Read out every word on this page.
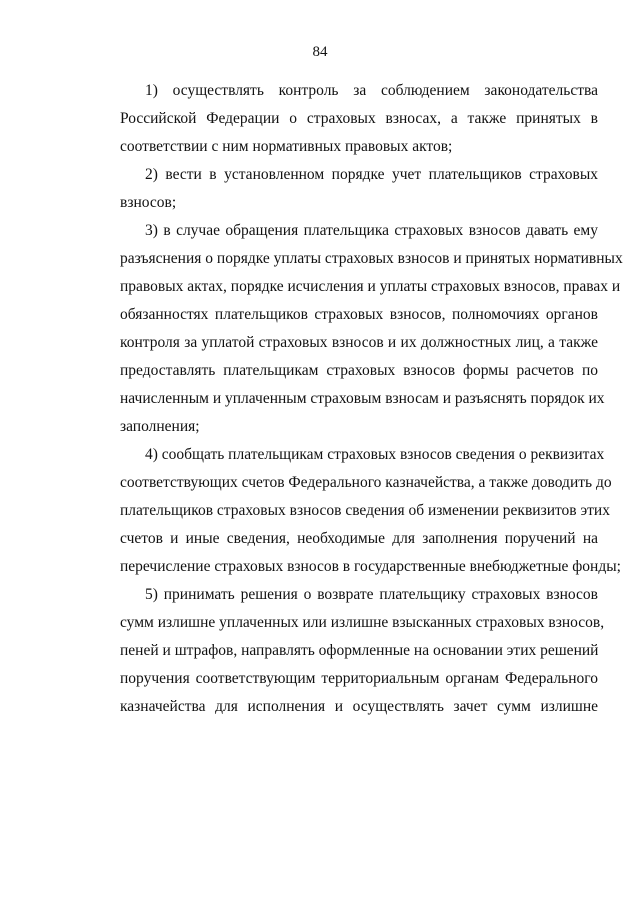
84
1) осуществлять контроль за соблюдением законодательства
Российской Федерации о страховых взносах, а также принятых в
соответствии с ним нормативных правовых актов;
2) вести в установленном порядке учет плательщиков страховых
взносов;
3) в случае обращения плательщика страховых взносов давать ему
разъяснения о порядке уплаты страховых взносов и принятых нормативных
правовых актах, порядке исчисления и уплаты страховых взносов, правах и
обязанностях плательщиков страховых взносов, полномочиях органов
контроля за уплатой страховых взносов и их должностных лиц, а также
предоставлять плательщикам страховых взносов формы расчетов по
начисленным и уплаченным страховым взносам и разъяснять порядок их
заполнения;
4) сообщать плательщикам страховых взносов сведения о реквизитах
соответствующих счетов Федерального казначейства, а также доводить до
плательщиков страховых взносов сведения об изменении реквизитов этих
счетов и иные сведения, необходимые для заполнения поручений на
перечисление страховых взносов в государственные внебюджетные фонды;
5) принимать решения о возврате плательщику страховых взносов
сумм излишне уплаченных или излишне взысканных страховых взносов,
пеней и штрафов, направлять оформленные на основании этих решений
поручения соответствующим территориальным органам Федерального
казначейства для исполнения и осуществлять зачет сумм излишне
